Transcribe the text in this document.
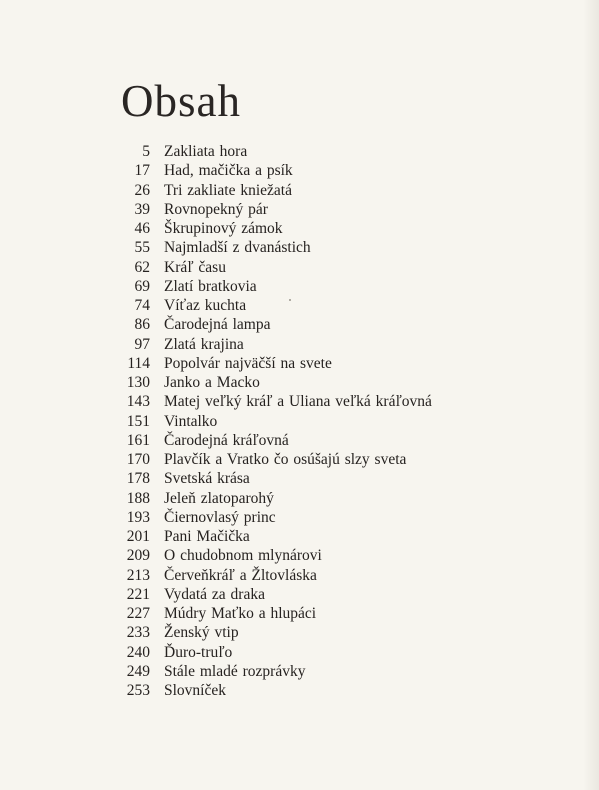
Obsah
5 Zakliata hora
17 Had, mačička a psík
26 Tri zakliate kniežatá
39 Rovnopekný pár
46 Škrupinový zámok
55 Najmladší z dvanástich
62 Kráľ času
69 Zlatí bratkovia
74 Víťaz kuchta
86 Čarodejná lampa
97 Zlatá krajina
114 Popolvár najväčší na svete
130 Janko a Macko
143 Matej veľký kráľ a Uliana veľká kráľovná
151 Vintalko
161 Čarodejná kráľovná
170 Plavčík a Vratko čo osúšajú slzy sveta
178 Svetská krása
188 Jeleň zlatoparohý
193 Čiernovlasý princ
201 Pani Mačička
209 O chudobnom mlynárovi
213 Červeňkráľ a Žltovláska
221 Vydatá za draka
227 Múdry Maťko a hlupáci
233 Ženský vtip
240 Ďuro-truľo
249 Stále mladé rozprávky
253 Slovníček
